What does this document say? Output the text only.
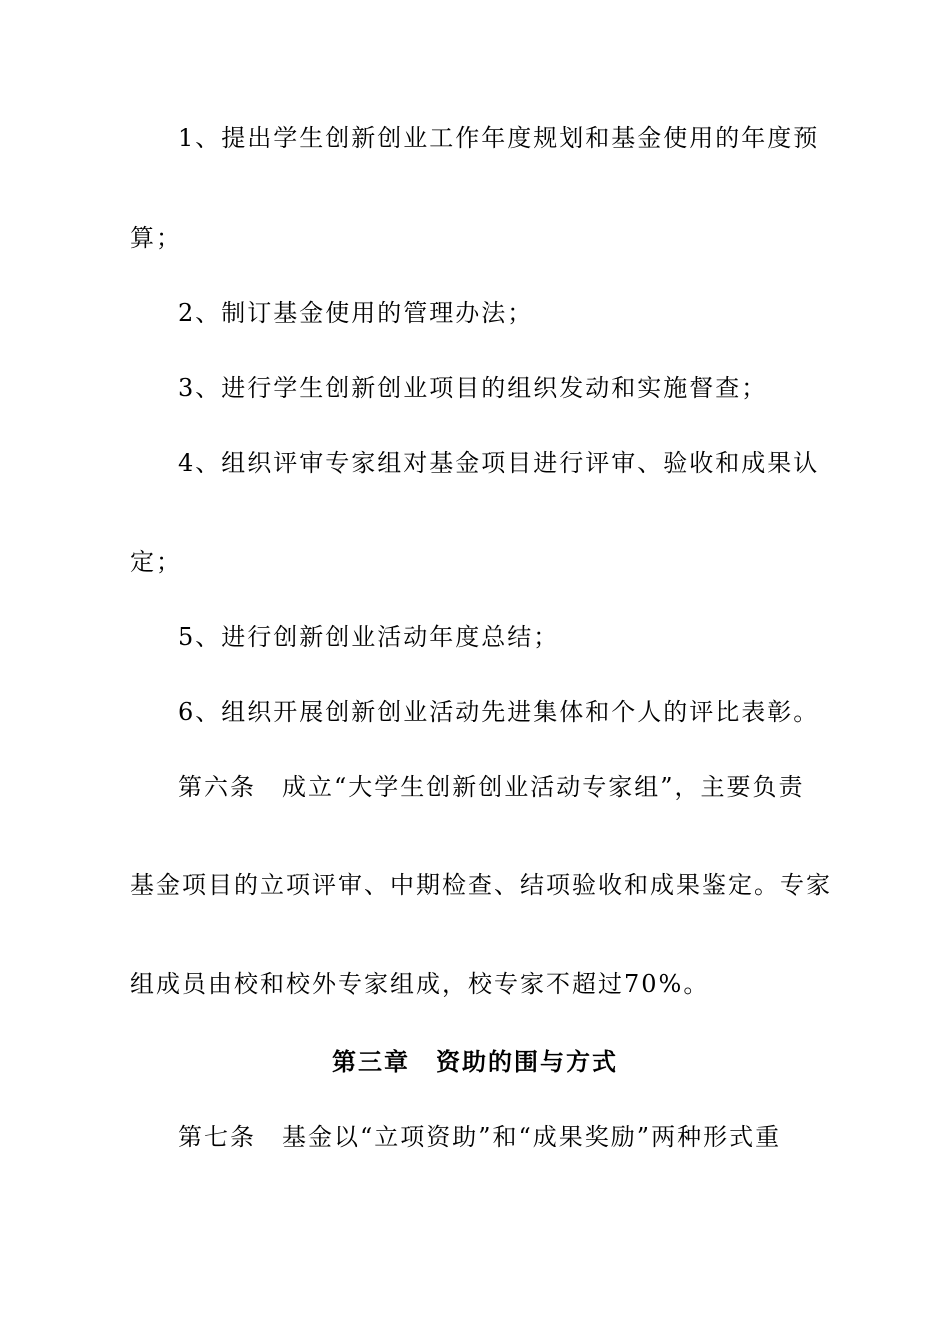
1、提出学生创新创业工作年度规划和基金使用的年度预
算；
2、制订基金使用的管理办法；
3、进行学生创新创业项目的组织发动和实施督查；
4、组织评审专家组对基金项目进行评审、验收和成果认
定；
5、进行创新创业活动年度总结；
6、组织开展创新创业活动先进集体和个人的评比表彰。
第六条　成立“大学生创新创业活动专家组”，主要负责
基金项目的立项评审、中期检查、结项验收和成果鉴定。专家
组成员由校和校外专家组成，校专家不超过70%。
第三章　资助的围与方式
第七条　基金以“立项资助”和“成果奖励”两种形式重
